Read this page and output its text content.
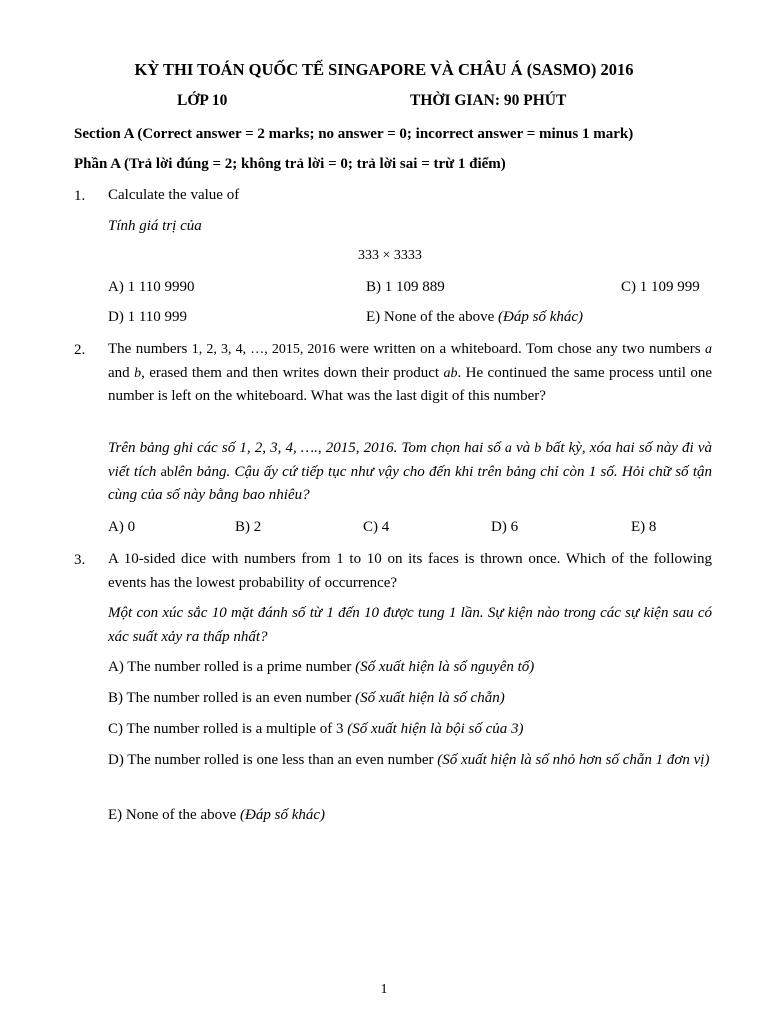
KỲ THI TOÁN QUỐC TẾ SINGAPORE VÀ CHÂU Á (SASMO) 2016
LỚP 10	THỜI GIAN: 90 PHÚT
Section A (Correct answer = 2 marks; no answer = 0; incorrect answer = minus 1 mark)
Phần A (Trả lời đúng = 2; không trả lời = 0; trả lời sai = trừ 1 điểm)
1. Calculate the value of
Tính giá trị của
333 × 3333
A) 1 110 9990	B) 1 109 889	C) 1 109 999
D) 1 110 999	E) None of the above (Đáp số khác)
2. The numbers 1, 2, 3, 4, …, 2015, 2016 were written on a whiteboard. Tom chose any two numbers a and b, erased them and then writes down their product ab. He continued the same process until one number is left on the whiteboard. What was the last digit of this number?
Trên bảng ghi các số 1, 2, 3, 4, …., 2015, 2016. Tom chọn hai số a và b bất kỳ, xóa hai số này đi và viết tích ablên bảng. Cậu ấy cứ tiếp tục như vậy cho đến khi trên bảng chỉ còn 1 số. Hỏi chữ số tận cùng của số này bằng bao nhiêu?
A) 0	B) 2	C) 4	D) 6	E) 8
3. A 10-sided dice with numbers from 1 to 10 on its faces is thrown once. Which of the following events has the lowest probability of occurrence?
Một con xúc sắc 10 mặt đánh số từ 1 đến 10 được tung 1 lần. Sự kiện nào trong các sự kiện sau có xác suất xảy ra thấp nhất?
A) The number rolled is a prime number (Số xuất hiện là số nguyên tố)
B) The number rolled is an even number (Số xuất hiện là số chẵn)
C) The number rolled is a multiple of 3 (Số xuất hiện là bội số của 3)
D) The number rolled is one less than an even number (Số xuất hiện là số nhỏ hơn số chẵn 1 đơn vị)
E) None of the above (Đáp số khác)
1
